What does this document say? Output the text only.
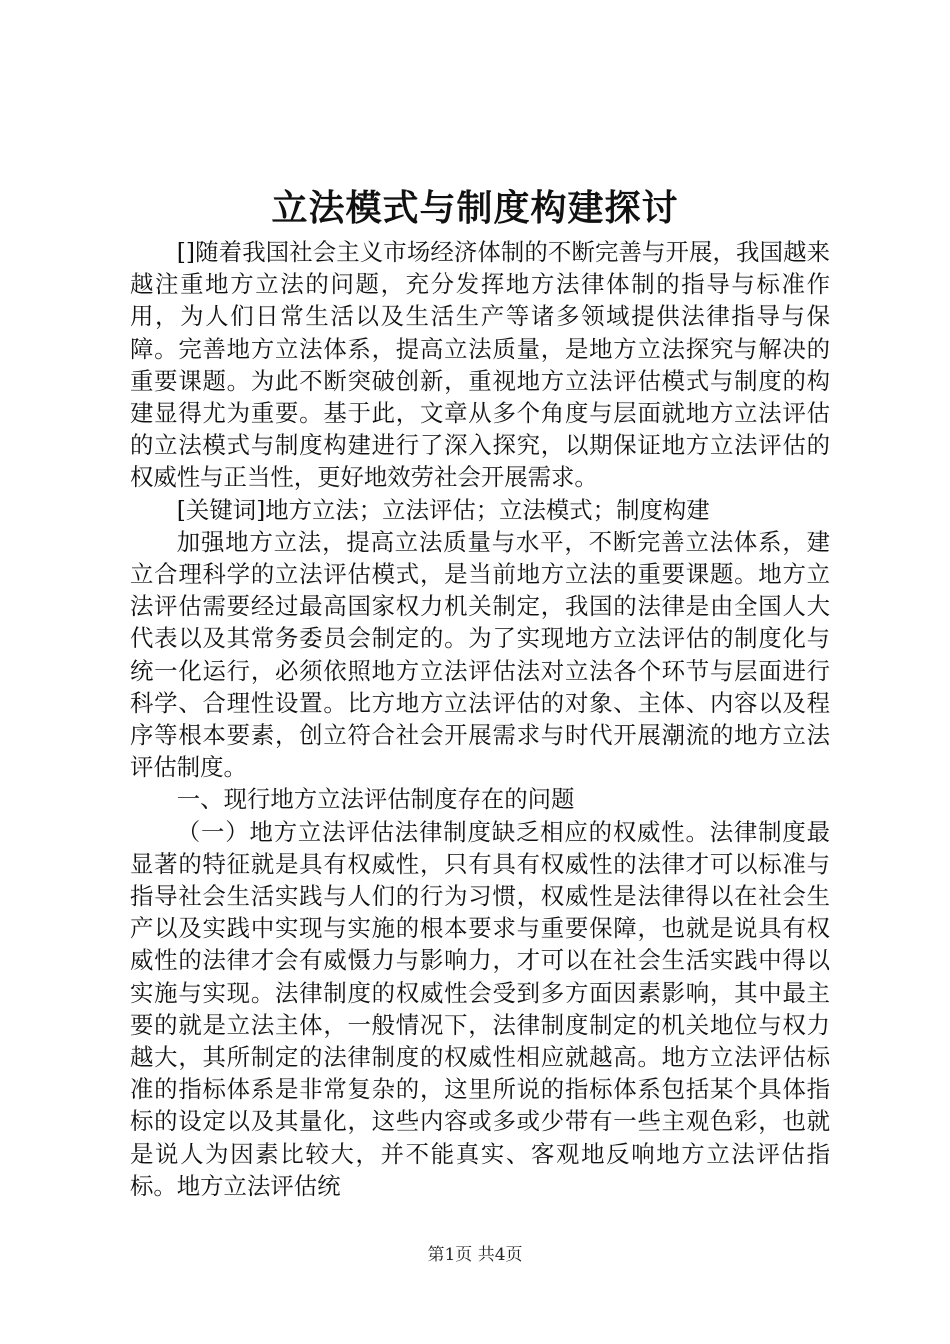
立法模式与制度构建探讨

[]随着我国社会主义市场经济体制的不断完善与开展，我国越来越注重地方立法的问题，充分发挥地方法律体制的指导与标准作用，为人们日常生活以及生活生产等诸多领域提供法律指导与保障。完善地方立法体系，提高立法质量，是地方立法探究与解决的重要课题。为此不断突破创新，重视地方立法评估模式与制度的构建显得尤为重要。基于此，文章从多个角度与层面就地方立法评估的立法模式与制度构建进行了深入探究，以期保证地方立法评估的权威性与正当性，更好地效劳社会开展需求。

[关键词]地方立法；立法评估；立法模式；制度构建

加强地方立法，提高立法质量与水平，不断完善立法体系，建立合理科学的立法评估模式，是当前地方立法的重要课题。地方立法评估需要经过最高国家权力机关制定，我国的法律是由全国人大代表以及其常务委员会制定的。为了实现地方立法评估的制度化与统一化运行，必须依照地方立法评估法对立法各个环节与层面进行科学、合理性设置。比方地方立法评估的对象、主体、内容以及程序等根本要素，创立符合社会开展需求与时代开展潮流的地方立法评估制度。

一、现行地方立法评估制度存在的问题

（一）地方立法评估法律制度缺乏相应的权威性。法律制度最显著的特征就是具有权威性，只有具有权威性的法律才可以标准与指导社会生活实践与人们的行为习惯，权威性是法律得以在社会生产以及实践中实现与实施的根本要求与重要保障，也就是说具有权威性的法律才会有威慑力与影响力，才可以在社会生活实践中得以实施与实现。法律制度的权威性会受到多方面因素影响，其中最主要的就是立法主体，一般情况下，法律制度制定的机关地位与权力越大，其所制定的法律制度的权威性相应就越高。地方立法评估标准的指标体系是非常复杂的，这里所说的指标体系包括某个具体指标的设定以及其量化，这些内容或多或少带有一些主观色彩，也就是说人为因素比较大，并不能真实、客观地反响地方立法评估指标。地方立法评估统

第1页 共4页
